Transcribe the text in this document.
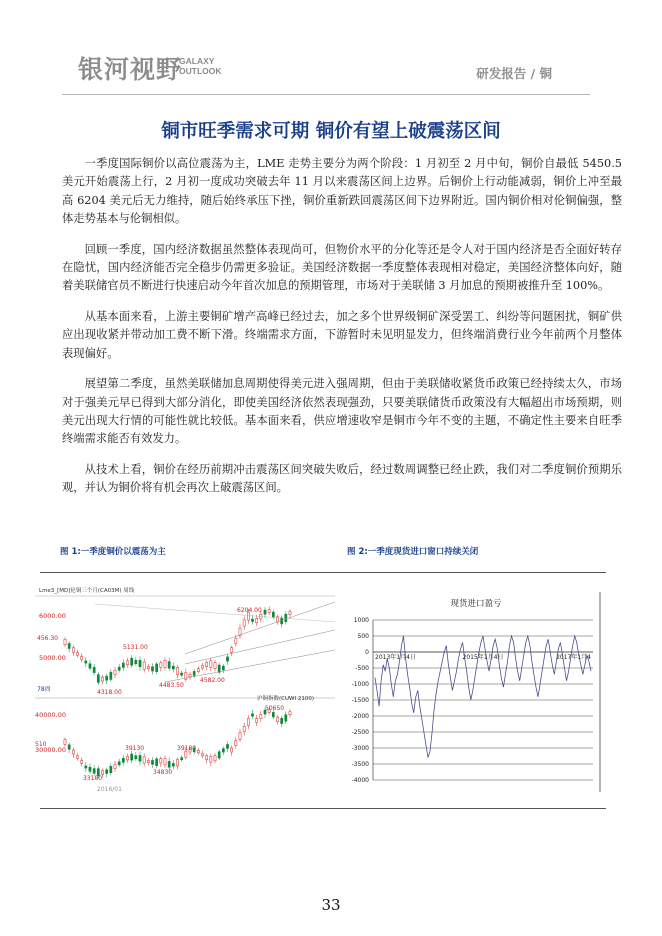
银河视野
GALAXY
OUTLOOK	研发报告 / 铜
铜市旺季需求可期 铜价有望上破震荡区间

一季度国际铜价以高位震荡为主，LME 走势主要分为两个阶段：1 月初至 2 月中旬，铜价自最低 5450.5 美元开始震荡上行，2 月初一度成功突破去年 11 月以来震荡区间上边界。后铜价上行动能减弱，铜价上冲至最高 6204 美元后无力维持，随后始终承压下挫，铜价重新跌回震荡区间下边界附近。国内铜价相对伦铜偏强，整体走势基本与伦铜相似。

回顾一季度，国内经济数据虽然整体表现尚可，但物价水平的分化等还是令人对于国内经济是否全面好转存在隐忧，国内经济能否完全稳步仍需更多验证。美国经济数据一季度整体表现相对稳定，美国经济整体向好，随着美联储官员不断进行快速启动今年首次加息的预期管理，市场对于美联储 3 月加息的预期被推升至 100%。

从基本面来看，上游主要铜矿增产高峰已经过去，加之多个世界级铜矿深受罢工、纠纷等问题困扰，铜矿供应出现收紧并带动加工费不断下滑。终端需求方面，下游暂时未见明显发力，但终端消费行业今年前两个月整体表现偏好。

展望第二季度，虽然美联储加息周期使得美元进入强周期，但由于美联储收紧货币政策已经持续太久，市场对于强美元早已得到大部分消化，即使美国经济依然表现强劲，只要美联储货币政策没有大幅超出市场预期，则美元出现大行情的可能性就比较低。基本面来看，供应增速收窄是铜市今年不变的主题，不确定性主要来自旺季终端需求能否有效发力。

从技术上看，铜价在经历前期冲击震荡区间突破失败后，经过数周调整已经止跌，我们对二季度铜价预期乐观，并认为铜价将有机会再次上破震荡区间。

图 1:一季度铜价以震荡为主	图 2:一季度现货进口窗口持续关闭
Lme3_[MD]伦铜三个月(CA03M) 周线
沪铜指数(CUWI 2100)
6000.00
5000.00
6204.00
5131.00
4483.50
4582.00
4318.00
456.30
78周
40000.00
30000.00
50650
39130	39180
34830
33180
510
2016/01
现货进口盈亏
1000
500
0
-500
-1000
-1500
-2000
-2500
-3000
-3500
-4000
2013年1月4日	2015年1月4日	2017年1月4
33
